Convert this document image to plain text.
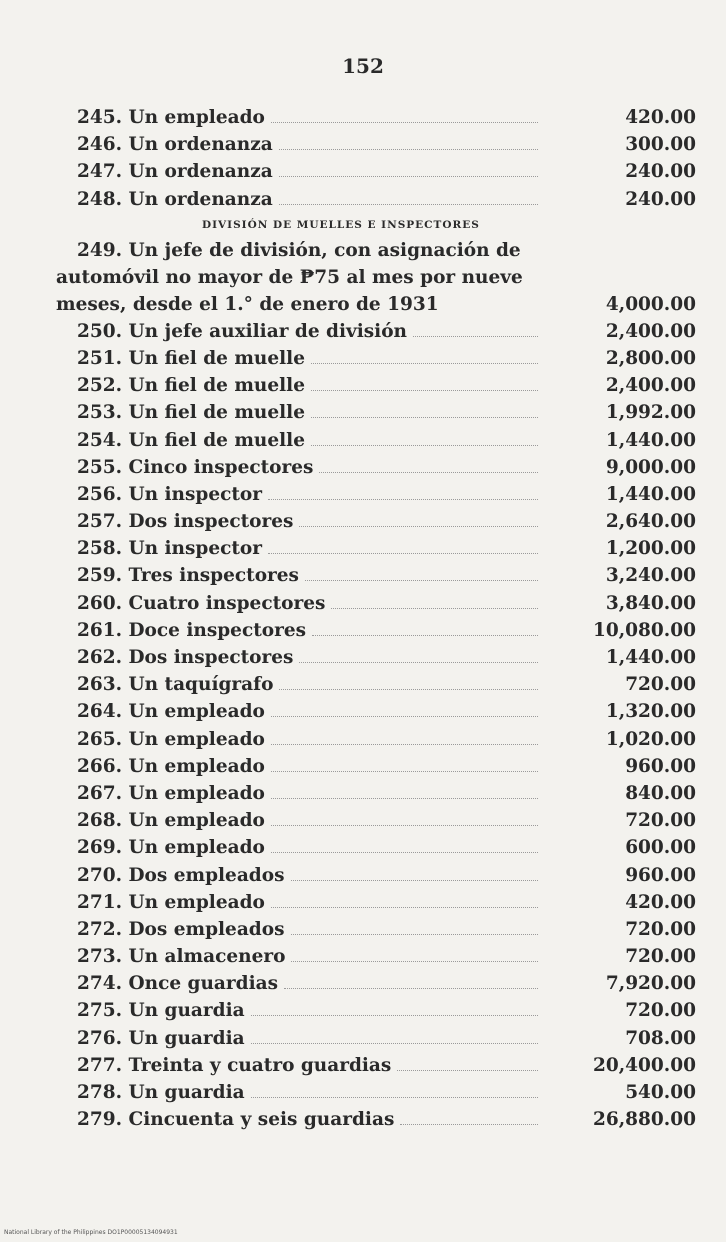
152
245. Un empleado	420.00
246. Un ordenanza	300.00
247. Un ordenanza	240.00
248. Un ordenanza	240.00
DIVISIÓN DE MUELLES E INSPECTORES
249. Un jefe de división, con asignación de
automóvil no mayor de ₱75 al mes por nueve
meses, desde el 1.° de enero de 1931	4,000.00
250. Un jefe auxiliar de división	2,400.00
251. Un fiel de muelle	2,800.00
252. Un fiel de muelle	2,400.00
253. Un fiel de muelle	1,992.00
254. Un fiel de muelle	1,440.00
255. Cinco inspectores	9,000.00
256. Un inspector	1,440.00
257. Dos inspectores	2,640.00
258. Un inspector	1,200.00
259. Tres inspectores	3,240.00
260. Cuatro inspectores	3,840.00
261. Doce inspectores	10,080.00
262. Dos inspectores	1,440.00
263. Un taquígrafo	720.00
264. Un empleado	1,320.00
265. Un empleado	1,020.00
266. Un empleado	960.00
267. Un empleado	840.00
268. Un empleado	720.00
269. Un empleado	600.00
270. Dos empleados	960.00
271. Un empleado	420.00
272. Dos empleados	720.00
273. Un almacenero	720.00
274. Once guardias	7,920.00
275. Un guardia	720.00
276. Un guardia	708.00
277. Treinta y cuatro guardias	20,400.00
278. Un guardia	540.00
279. Cincuenta y seis guardias	26,880.00
National Library of the Philippines DO1P00005134094931
